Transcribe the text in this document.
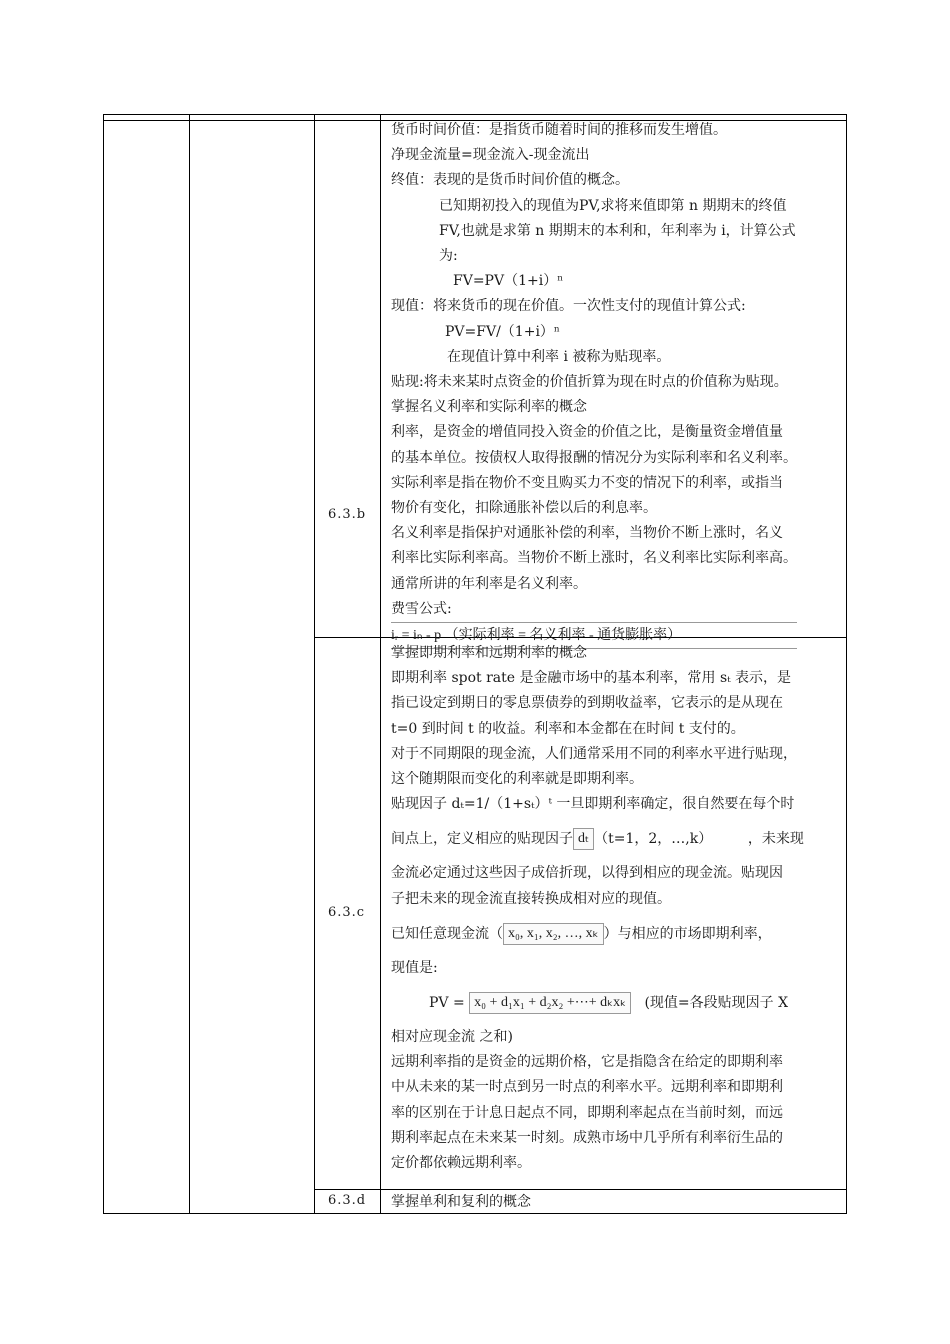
6.3.b
6.3.c
6.3.d

货币时间价值：是指货币随着时间的推移而发生增值。

净现金流量=现金流入-现金流出

终值：表现的是货币时间价值的概念。

已知期初投入的现值为PV,求将来值即第 n 期期末的终值

FV,也就是求第 n 期期末的本利和，年利率为 i，计算公式

为:

FV=PV（1+i）ⁿ

现值：将来货币的现在价值。一次性支付的现值计算公式:

PV=FV/（1+i）ⁿ

在现值计算中利率 i 被称为贴现率。

贴现:将未来某时点资金的价值折算为现在时点的价值称为贴现。

掌握名义利率和实际利率的概念

利率，是资金的增值同投入资金的价值之比，是衡量资金增值量

的基本单位。按债权人取得报酬的情况分为实际利率和名义利率。

实际利率是指在物价不变且购买力不变的情况下的利率，或指当

物价有变化，扣除通胀补偿以后的利息率。

名义利率是指保护对通胀补偿的利率，当物价不断上涨时，名义

利率比实际利率高。当物价不断上涨时，名义利率比实际利率高。

通常所讲的年利率是名义利率。

费雪公式:

iᵣ = iₙ - p （实际利率 = 名义利率 - 通货膨胀率）

掌握即期利率和远期利率的概念

即期利率 spot rate 是金融市场中的基本利率，常用 sₜ 表示，是

指已设定到期日的零息票债券的到期收益率，它表示的是从现在

t=0 到时间 t 的收益。利率和本金都在在时间 t 支付的。

对于不同期限的现金流，人们通常采用不同的利率水平进行贴现，

这个随期限而变化的利率就是即期利率。

贴现因子 dₜ=1/（1+sₜ）ᵗ 一旦即期利率确定，很自然要在每个时

间点上，定义相应的贴现因子 dₜ （t=1，2，…,k）	，未来现

金流必定通过这些因子成倍折现，以得到相应的现金流。贴现因

子把未来的现金流直接转换成相对应的现值。

已知任意现金流（ x₀, x₁, x₂, …, xₖ ）与相应的市场即期利率，

现值是:

PV = x₀ + d₁x₁ + d₂x₂ +⋯+ dₖxₖ (现值=各段贴现因子 X

相对应现金流 之和)

远期利率指的是资金的远期价格，它是指隐含在给定的即期利率

中从未来的某一时点到另一时点的利率水平。远期利率和即期利

率的区别在于计息日起点不同，即期利率起点在当前时刻，而远

期利率起点在未来某一时刻。成熟市场中几乎所有利率衍生品的

定价都依赖远期利率。

掌握单利和复利的概念
